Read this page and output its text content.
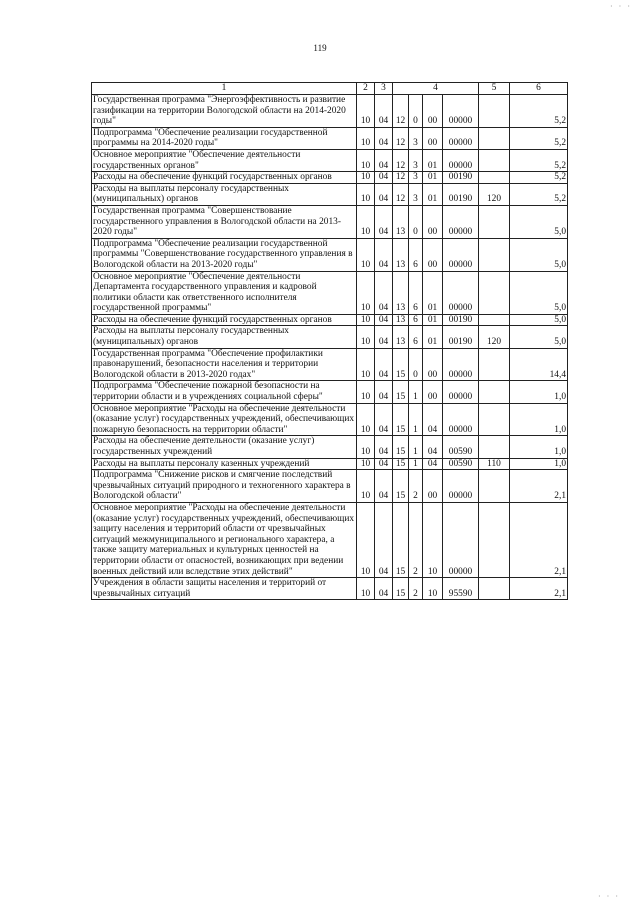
· · ·
119
1	2	3	4				5	6
Государственная программа "Энергоэффективность и развитие газификации на территории Вологодской области на 2014-2020 годы"	10	04	12	0	00	00000		5,2
Подпрограмма "Обеспечение реализации государственной программы на 2014-2020 годы"	10	04	12	3	00	00000		5,2
Основное мероприятие "Обеспечение деятельности государственных органов"	10	04	12	3	01	00000		5,2
Расходы на обеспечение функций государственных органов	10	04	12	3	01	00190		5,2
Расходы на выплаты персоналу государственных (муниципальных) органов	10	04	12	3	01	00190	120	5,2
Государственная программа "Совершенствование государственного управления в Вологодской области на 2013-2020 годы"	10	04	13	0	00	00000		5,0
Подпрограмма "Обеспечение реализации государственной программы "Совершенствование государственного управления в Вологодской области на 2013-2020 годы"	10	04	13	6	00	00000		5,0
Основное мероприятие "Обеспечение деятельности Департамента государственного управления и кадровой политики области как ответственного исполнителя государственной программы"	10	04	13	6	01	00000		5,0
Расходы на обеспечение функций государственных органов	10	04	13	6	01	00190		5,0
Расходы на выплаты персоналу государственных (муниципальных) органов	10	04	13	6	01	00190	120	5,0
Государственная программа "Обеспечение профилактики правонарушений, безопасности населения и территории Вологодской области в 2013-2020 годах"	10	04	15	0	00	00000		14,4
Подпрограмма "Обеспечение пожарной безопасности на территории области и в учреждениях социальной сферы"	10	04	15	1	00	00000		1,0
Основное мероприятие "Расходы на обеспечение деятельности (оказание услуг) государственных учреждений, обеспечивающих пожарную безопасность на территории области"	10	04	15	1	04	00000		1,0
Расходы на обеспечение деятельности (оказание услуг) государственных учреждений	10	04	15	1	04	00590		1,0
Расходы на выплаты персоналу казенных учреждений	10	04	15	1	04	00590	110	1,0
Подпрограмма "Снижение рисков и смягчение последствий чрезвычайных ситуаций природного и техногенного характера в Вологодской области"	10	04	15	2	00	00000		2,1
Основное мероприятие "Расходы на обеспечение деятельности (оказание услуг) государственных учреждений, обеспечивающих защиту населения и территорий области от чрезвычайных ситуаций межмуниципального и регионального характера, а также защиту материальных и культурных ценностей на территории области от опасностей, возникающих при ведении военных действий или вследствие этих действий"	10	04	15	2	10	00000		2,1
Учреждения в области защиты населения и территорий от чрезвычайных ситуаций	10	04	15	2	10	95590		2,1
· · ·
